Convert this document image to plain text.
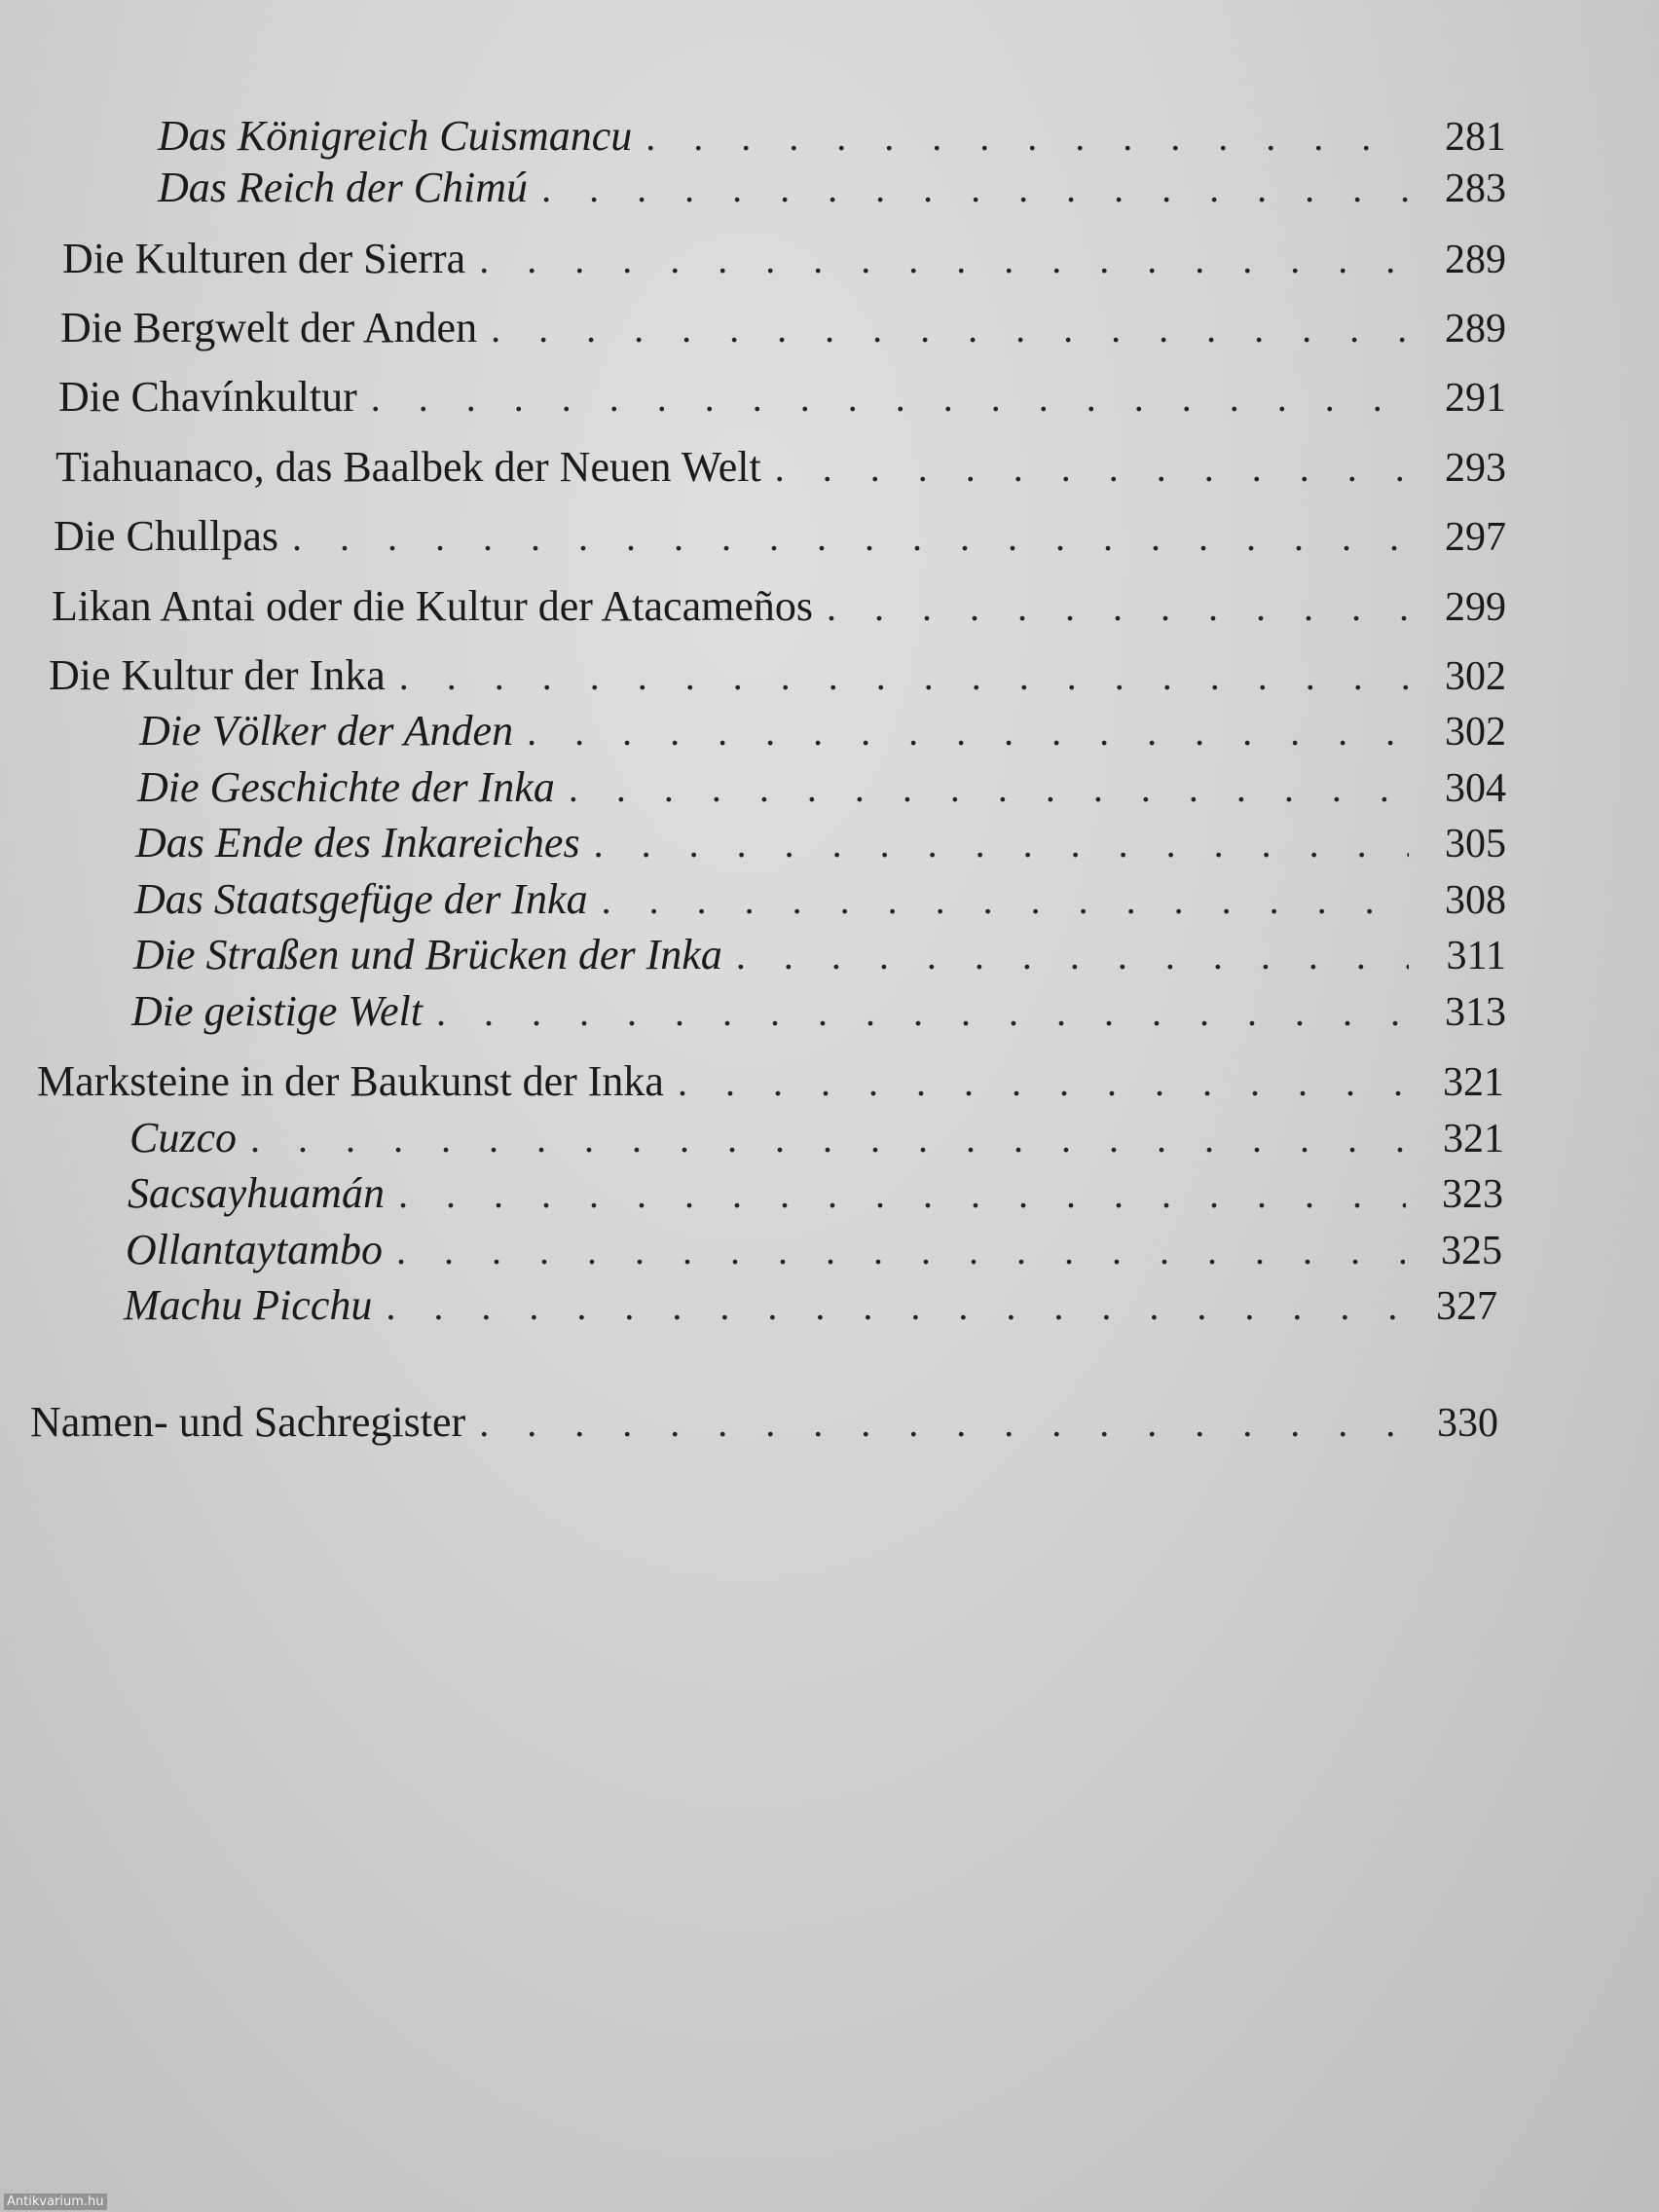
Das Königreich Cuismancu . . .	281
Das Reich der Chimú . . .	283
Die Kulturen der Sierra . . .	289
Die Bergwelt der Anden . . .	289
Die Chavínkultur . . .	291
Tiahuanaco, das Baalbek der Neuen Welt . . .	293
Die Chullpas . . .	297
Likan Antai oder die Kultur der Atacameños . . .	299
Die Kultur der Inka . . .	302
Die Völker der Anden . . .	302
Die Geschichte der Inka . . .	304
Das Ende des Inkareiches . . .	305
Das Staatsgefüge der Inka . . .	308
Die Straßen und Brücken der Inka . . .	311
Die geistige Welt . . .	313
Marksteine in der Baukunst der Inka . . .	321
Cuzco . . .	321
Sacsayhuamán . . .	323
Ollantaytambo . . .	325
Machu Picchu . . .	327
Namen- und Sachregister . . .	330
Antikvarium.hu
